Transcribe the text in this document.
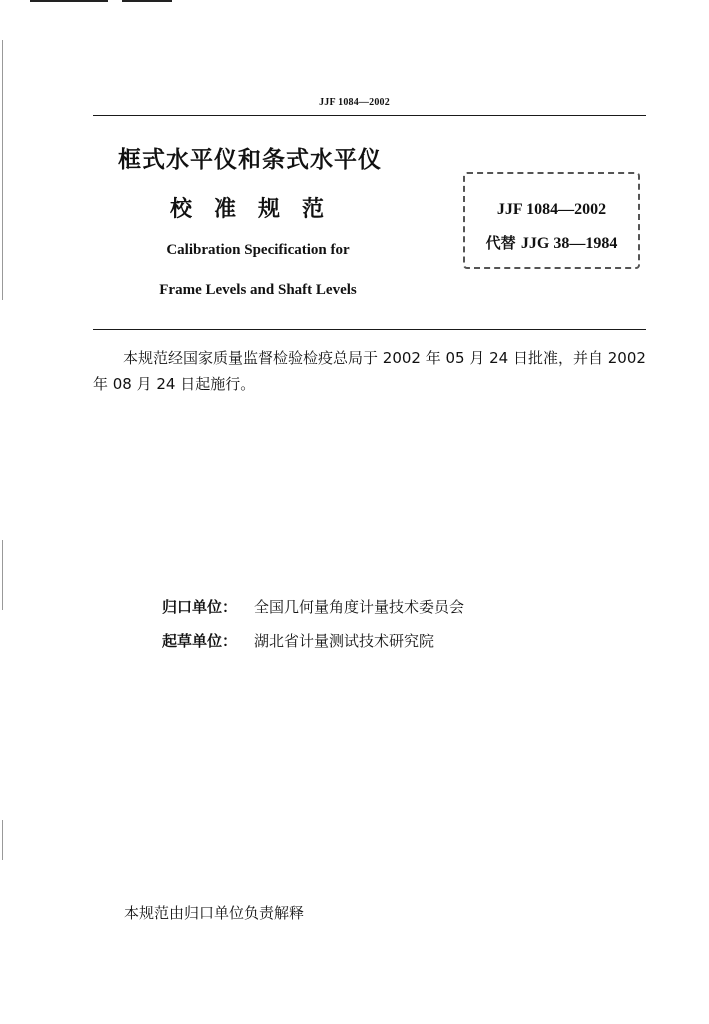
JJF 1084—2002
框式水平仪和条式水平仪
校准规范
Calibration Specification for
Frame Levels and Shaft Levels
JJF 1084—2002
代替 JJG 38—1984
本规范经国家质量监督检验检疫总局于 2002 年 05 月 24 日批准，并自 2002 年 08 月 24 日起施行。
归口单位： 全国几何量角度计量技术委员会
起草单位： 湖北省计量测试技术研究院
本规范由归口单位负责解释
